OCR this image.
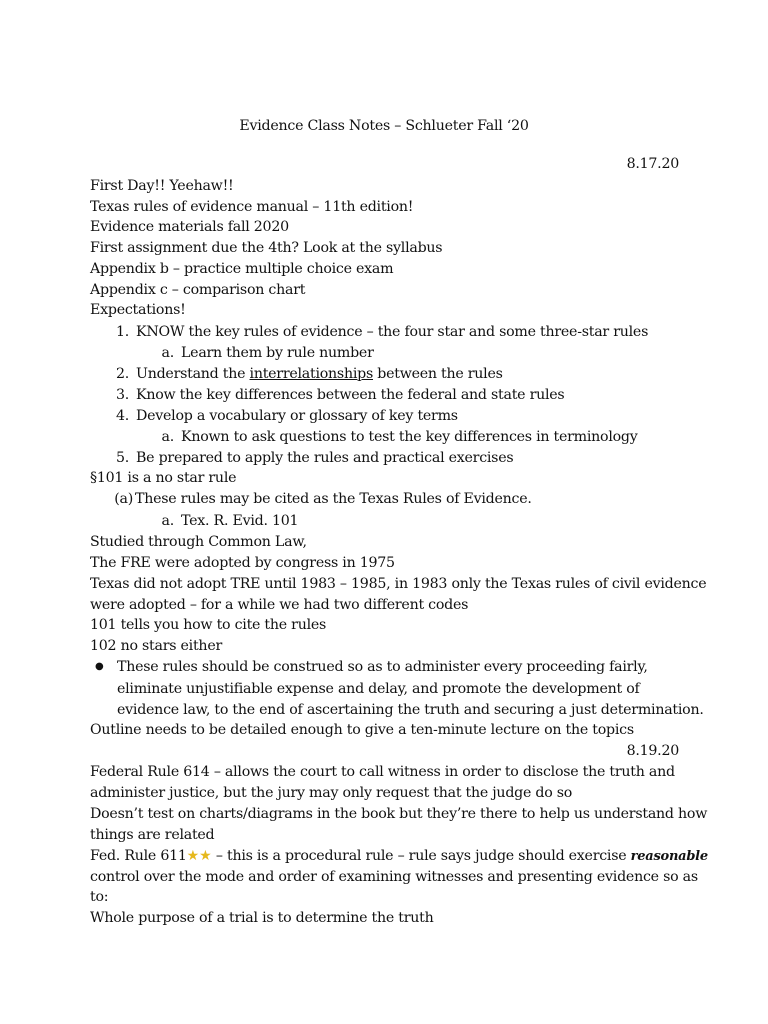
Evidence Class Notes – Schlueter Fall ‘20
8.17.20
First Day!! Yeehaw!!
Texas rules of evidence manual – 11th edition!
Evidence materials fall 2020
First assignment due the 4th? Look at the syllabus
Appendix b – practice multiple choice exam
Appendix c – comparison chart
Expectations!
1. KNOW the key rules of evidence – the four star and some three-star rules
a. Learn them by rule number
2. Understand the interrelationships between the rules
3. Know the key differences between the federal and state rules
4. Develop a vocabulary or glossary of key terms
a. Known to ask questions to test the key differences in terminology
5. Be prepared to apply the rules and practical exercises
§101 is a no star rule
(a) These rules may be cited as the Texas Rules of Evidence.
a. Tex. R. Evid. 101
Studied through Common Law,
The FRE were adopted by congress in 1975
Texas did not adopt TRE until 1983 – 1985, in 1983 only the Texas rules of civil evidence
were adopted – for a while we had two different codes
101 tells you how to cite the rules
102 no stars either
● These rules should be construed so as to administer every proceeding fairly,
eliminate unjustifiable expense and delay, and promote the development of
evidence law, to the end of ascertaining the truth and securing a just determination.
Outline needs to be detailed enough to give a ten-minute lecture on the topics
8.19.20
Federal Rule 614 – allows the court to call witness in order to disclose the truth and
administer justice, but the jury may only request that the judge do so
Doesn’t test on charts/diagrams in the book but they’re there to help us understand how
things are related
Fed. Rule 611★★ – this is a procedural rule – rule says judge should exercise reasonable
control over the mode and order of examining witnesses and presenting evidence so as
to:
Whole purpose of a trial is to determine the truth
